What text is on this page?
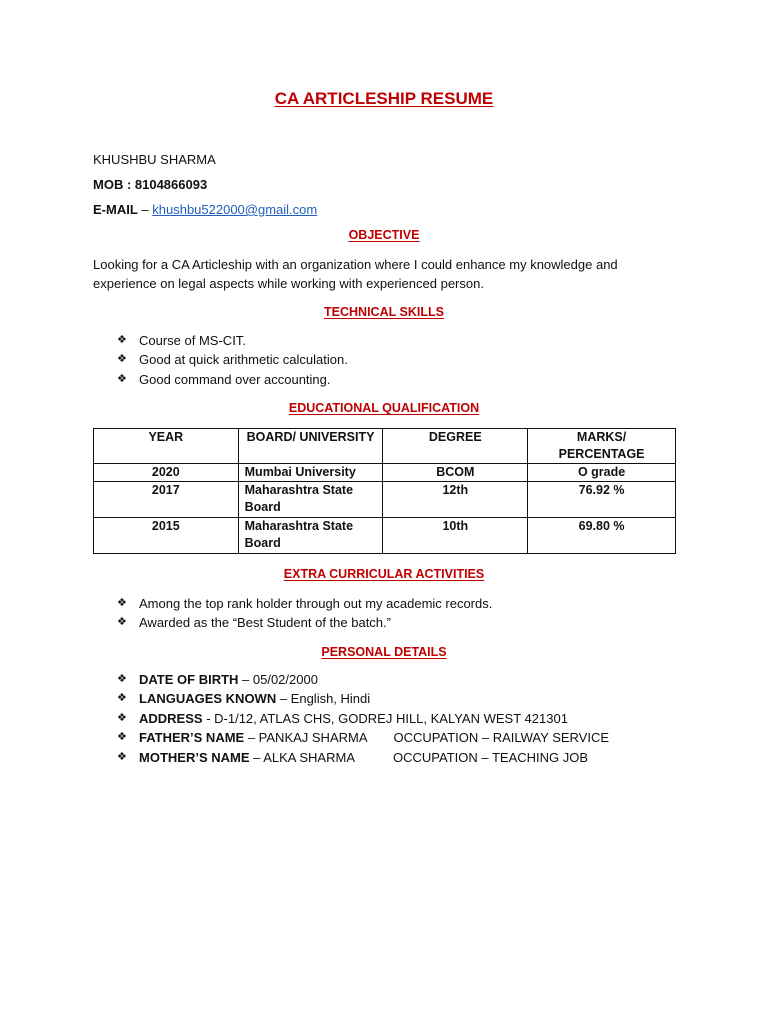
CA ARTICLESHIP RESUME
KHUSHBU SHARMA
MOB : 8104866093
E-MAIL – khushbu522000@gmail.com
OBJECTIVE
Looking for a CA Articleship with an organization where I could enhance my knowledge and experience on legal aspects while working with experienced person.
TECHNICAL SKILLS
❖ Course of MS-CIT.
❖ Good at quick arithmetic calculation.
❖ Good command over accounting.
EDUCATIONAL QUALIFICATION
YEAR	BOARD/ UNIVERSITY	DEGREE	MARKS/ PERCENTAGE
2020	Mumbai University	BCOM	O grade
2017	Maharashtra State Board	12th	76.92 %
2015	Maharashtra State Board	10th	69.80 %
EXTRA CURRICULAR ACTIVITIES
❖ Among the top rank holder through out my academic records.
❖ Awarded as the “Best Student of the batch.”
PERSONAL DETAILS
❖ DATE OF BIRTH – 05/02/2000
❖ LANGUAGES KNOWN – English, Hindi
❖ ADDRESS - D-1/12, ATLAS CHS, GODREJ HILL, KALYAN WEST 421301
❖ FATHER’S NAME – PANKAJ SHARMA OCCUPATION – RAILWAY SERVICE
❖ MOTHER’S NAME – ALKA SHARMA	OCCUPATION – TEACHING JOB
